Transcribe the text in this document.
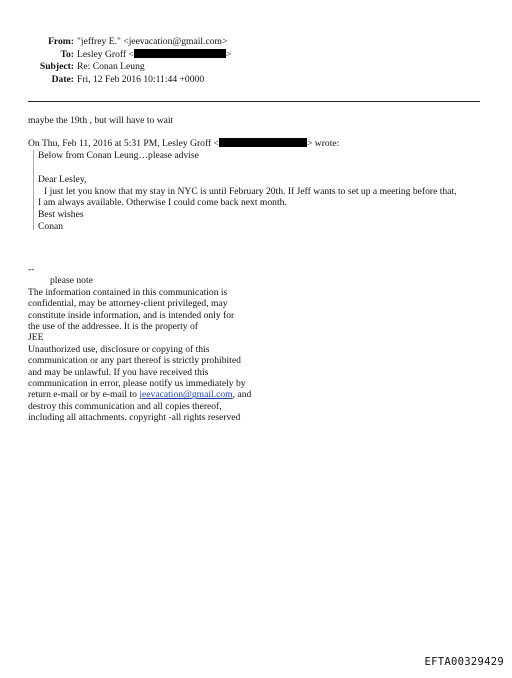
From: "jeffrey E." <jeevacation@gmail.com>
To: Lesley Groff <	>
Subject: Re: Conan Leung
Date: Fri, 12 Feb 2016 10:11:44 +0000
maybe the 19th , but will have to wait
On Thu, Feb 11, 2016 at 5:31 PM, Lesley Groff <	> wrote:
Below from Conan Leung…please advise
Dear Lesley,
I just let you know that my stay in NYC is until February 20th. If Jeff wants to set up a meeting before that,
I am always available. Otherwise I could come back next month.
Best wishes
Conan
--
please note
The information contained in this communication is
confidential, may be attorney-client privileged, may
constitute inside information, and is intended only for
the use of the addressee. It is the property of
JEE
Unauthorized use, disclosure or copying of this
communication or any part thereof is strictly prohibited
and may be unlawful. If you have received this
communication in error, please notify us immediately by
return e-mail or by e-mail to jeevacation@gmail.com, and
destroy this communication and all copies thereof,
including all attachments. copyright -all rights reserved
EFTA00329429
